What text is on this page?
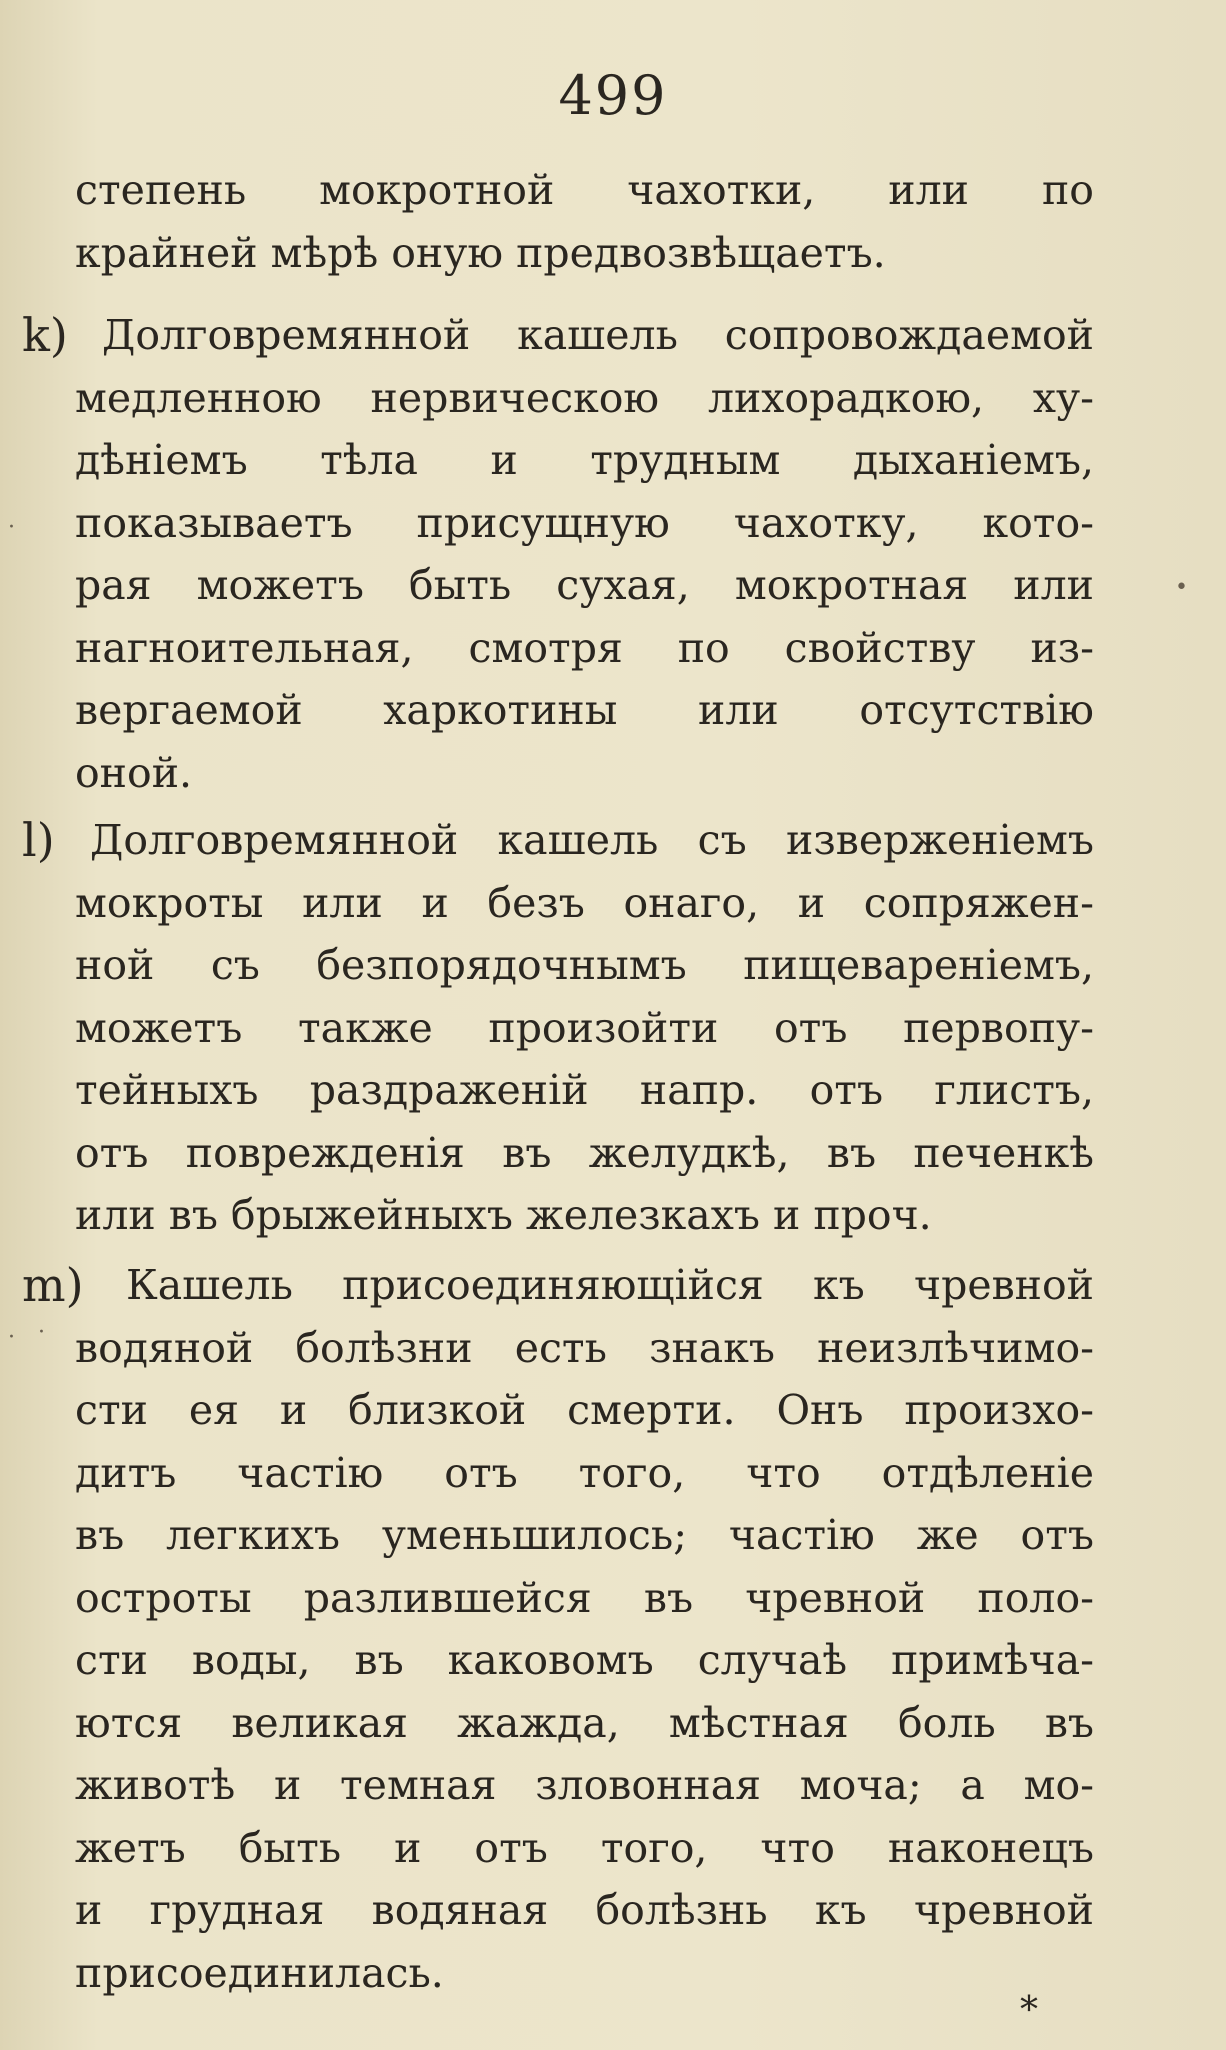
499
степень мокротной чахотки, или по
крайней мѣрѣ оную предвозвѣщаетъ.
k) Долговремянной кашель сопровождаемой
медленною нервическою лихорадкою, ху-
дѣніемъ тѣла и трудным дыханіемъ,
показываетъ присущную чахотку, кото-
рая можетъ быть сухая, мокротная или
нагноительная, смотря по свойству из-
вергаемой харкотины или отсутствію
оной.
l) Долговремянной кашель съ изверженіемъ
мокроты или и безъ онаго, и сопряжен-
ной съ безпорядочнымъ пищевареніемъ,
можетъ также произойти отъ первопу-
тейныхъ раздраженій напр. отъ глистъ,
отъ поврежденія въ желудкѣ, въ печенкѣ
или въ брыжейныхъ железкахъ и проч.
m) Кашель присоединяющійся къ чревной
водяной болѣзни есть знакъ неизлѣчимо-
сти ея и близкой смерти. Онъ произхо-
дитъ частію отъ того, что отдѣленіе
въ легкихъ уменьшилось; частію же отъ
остроты разлившейся въ чревной поло-
сти воды, въ каковомъ случаѣ примѣча-
ются великая жажда, мѣстная боль въ
животѣ и темная зловонная моча; а мо-
жетъ быть и отъ того, что наконецъ
и грудная водяная болѣзнь къ чревной
присоединилась.
·
·
•
·
*
